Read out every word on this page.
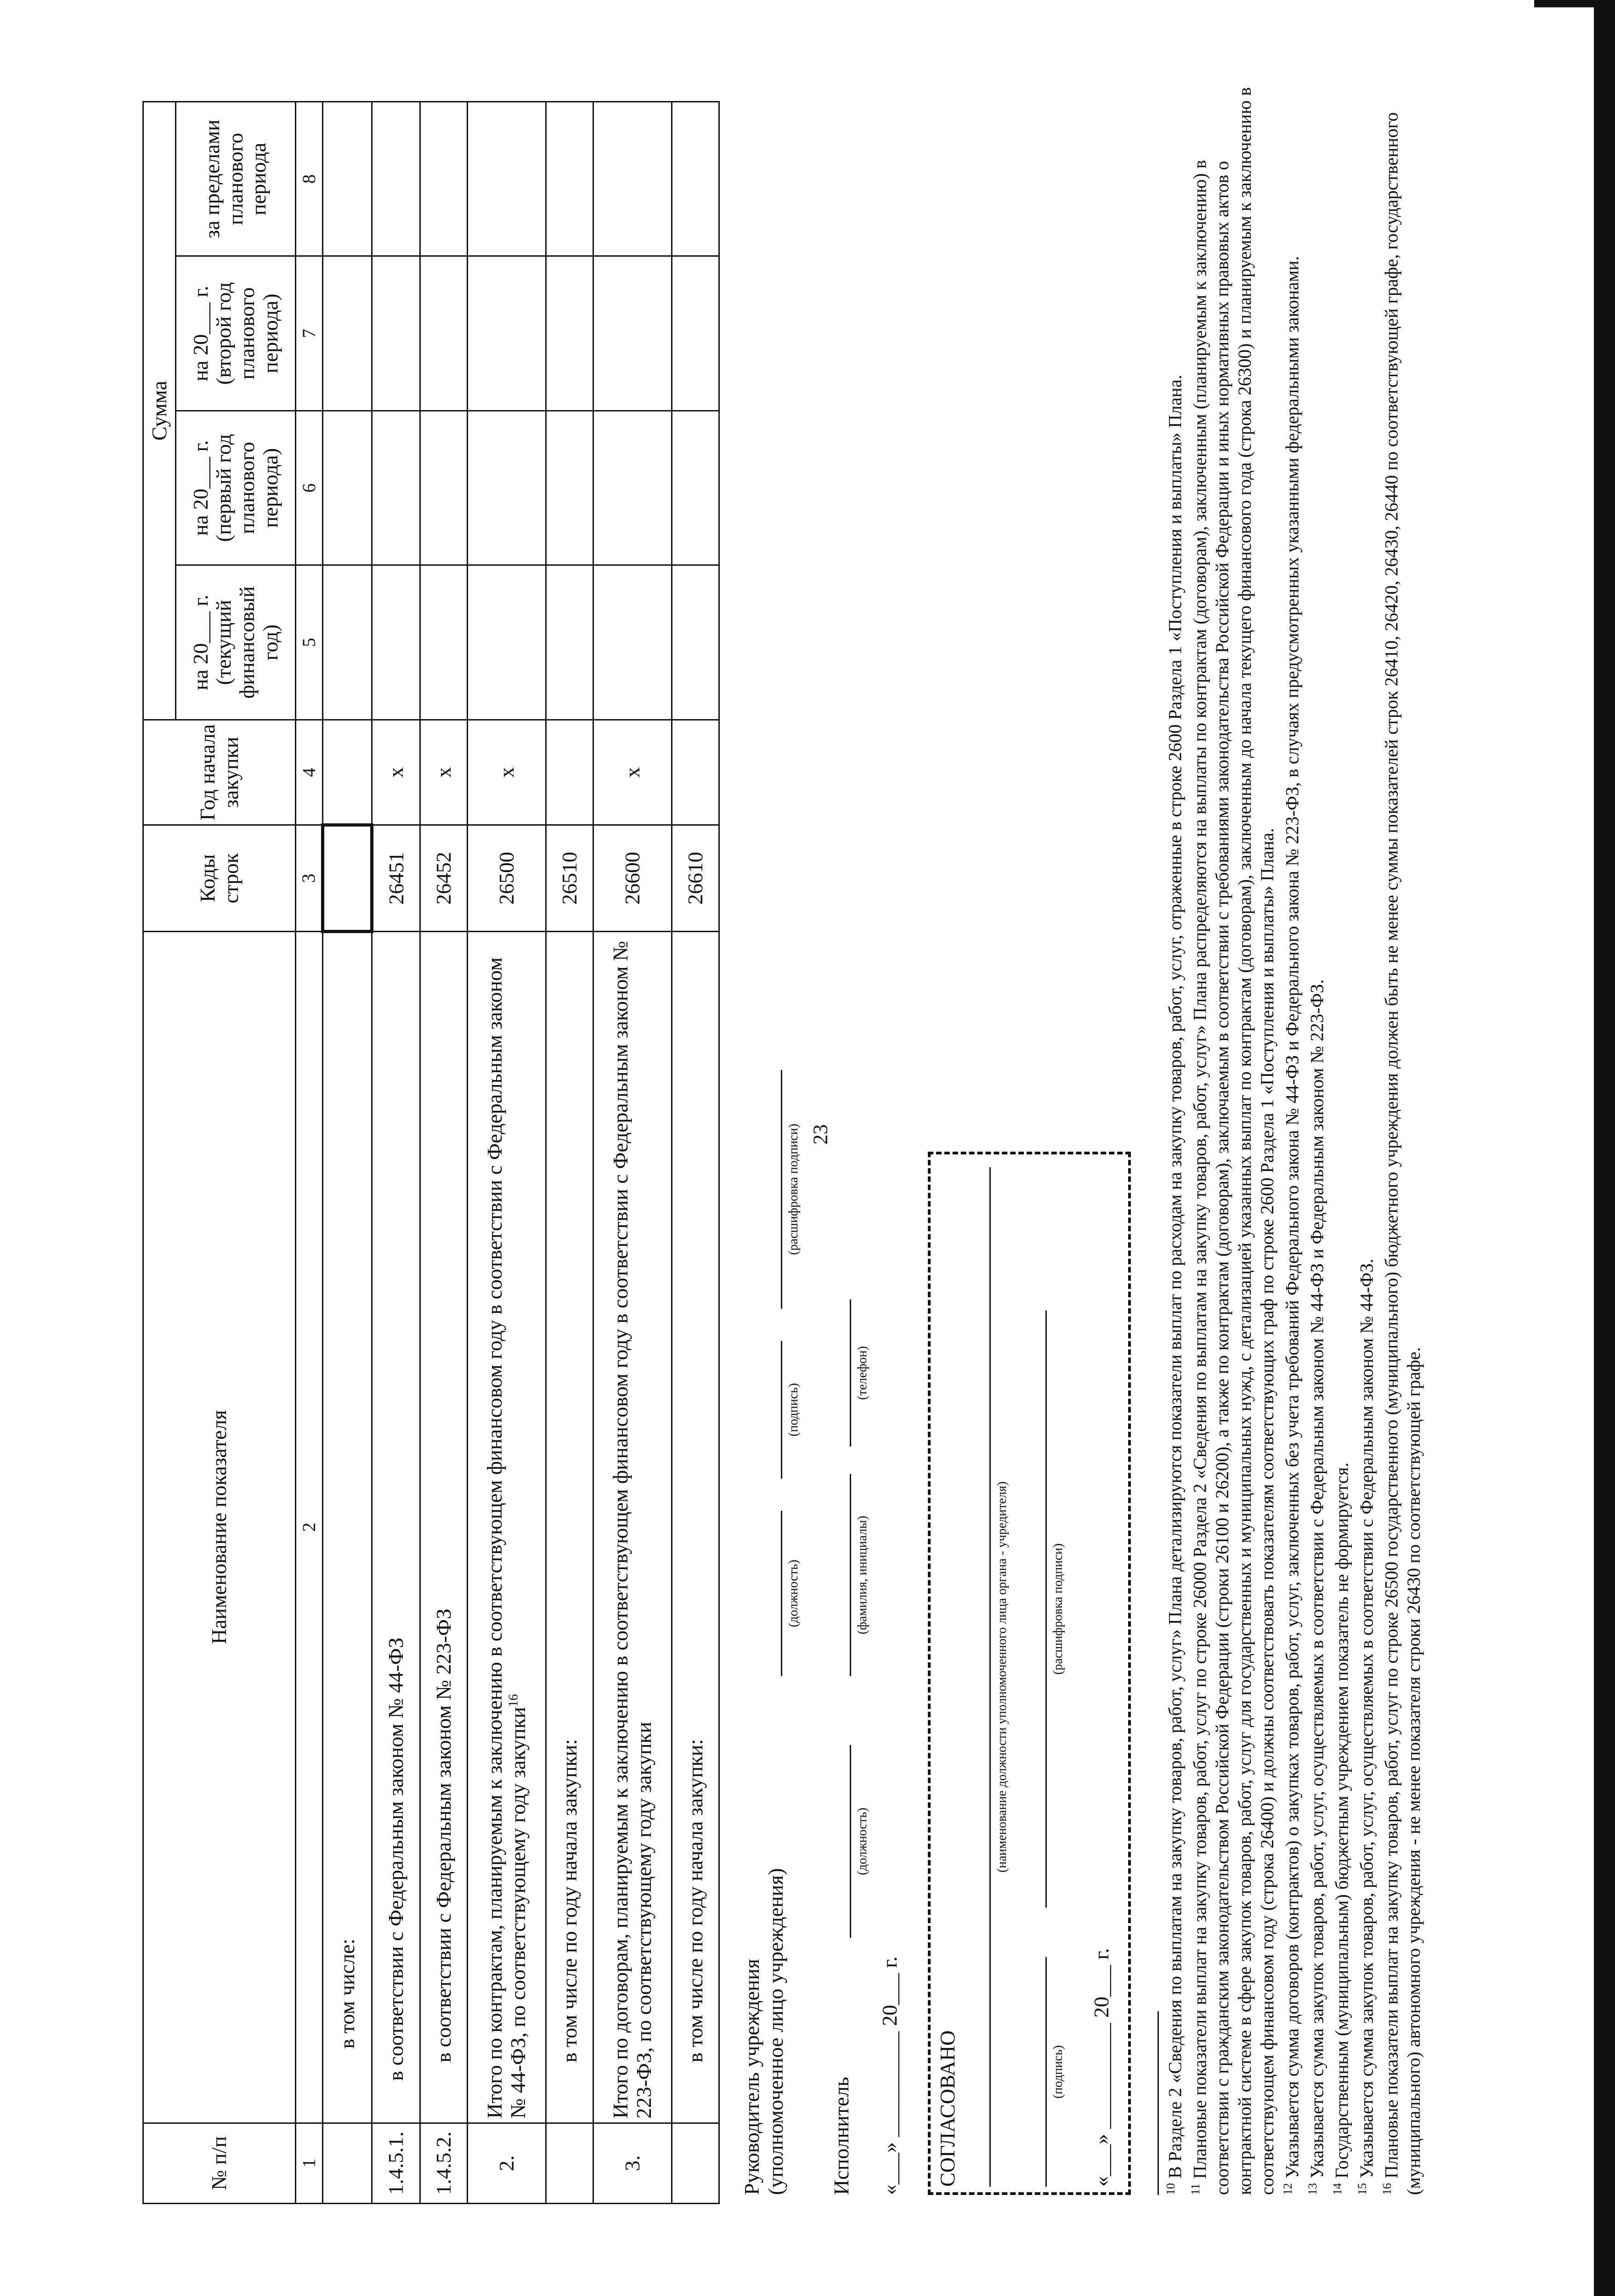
23
№ п/п	Наименование показателя	Коды строк	Год начала закупки	Сумма			
				на 20___ г. (текущий финансовый год)	на 20___ г. (первый год планового периода)	на 20___ г. (второй год планового периода)	за пределами планового периода
1	2	3	4	5	6	7	8
	в том числе:						
1.4.5.1.	в соответствии с Федеральным законом № 44-ФЗ	26451	x				
1.4.5.2.	в соответствии с Федеральным законом № 223-ФЗ	26452	x				
2.	Итого по контрактам, планируемым к заключению в соответствующем финансовом году в соответствии с Федеральным законом № 44-ФЗ, по соответствующему году закупки$^{16}$	26500	x				
	в том числе по году начала закупки:	26510					
3.	Итого по договорам, планируемым к заключению в соответствующем финансовом году в соответствии с Федеральным законом № 223-ФЗ, по соответствующему году закупки	26600	x				
	в том числе по году начала закупки:	26610					
Руководитель учреждения (уполномоченное лицо учреждения)
(должность)
(подпись)
(расшифровка подписи)
Исполнитель
(должность)
(фамилия, инициалы)
(телефон)
«___» __________ 20___ г. СОГЛАСОВАНО
(наименование должности уполномоченного лица органа - учредителя)
(подпись)
(расшифровка подписи)
«___» __________ 20___ г.

$^{10}$ В Разделе 2 «Сведения по выплатам на закупку товаров, работ, услуг» Плана детализируются показатели выплат по расходам на закупку товаров, работ, услуг, отраженные в строке 2600 Раздела 1 «Поступления и выплаты» Плана.

$^{11}$ Плановые показатели выплат на закупку товаров, работ, услуг по строке 26000 Раздела 2 «Сведения по выплатам на закупку товаров, работ, услуг» Плана распределяются на выплаты по контрактам (договорам), заключенным (планируемым к заключению) в соответствии с гражданским законодательством Российской Федерации (строки 26100 и 26200), а также по контрактам (договорам), заключаемым в соответствии с требованиями законодательства Российской Федерации и иных нормативных правовых актов о контрактной системе в сфере закупок товаров, работ, услуг для государственных и муниципальных нужд, с детализацией указанных выплат по контрактам (договорам), заключенным до начала текущего финансового года (строка 26300) и планируемым к заключению в соответствующем финансовом году (строка 26400) и должны соответствовать показателям соответствующих граф по строке 2600 Раздела 1 «Поступления и выплаты» Плана. $^{12}$ Указывается сумма договоров (контрактов) о закупках товаров, работ, услуг, заключенных без учета требований Федерального закона № 44-ФЗ и Федерального закона № 223-ФЗ, в случаях предусмотренных указанными федеральными законами.

$^{13}$ Указывается сумма закупок товаров, работ, услуг, осуществляемых в соответствии с Федеральным законом № 44-ФЗ и Федеральным законом № 223-ФЗ.

$^{14}$ Государственным (муниципальным) бюджетным учреждением показатель не формируется.

$^{15}$ Указывается сумма закупок товаров, работ, услуг, осуществляемых в соответствии с Федеральным законом № 44-ФЗ.

$^{16}$ Плановые показатели выплат на закупку товаров, работ, услуг по строке 26500 государственного (муниципального) бюджетного учреждения должен быть не менее суммы показателей строк 26410, 26420, 26430, 26440 по соответствующей графе, государственного (муниципального) автономного учреждения - не менее показателя строки 26430 по соответствующей графе.
